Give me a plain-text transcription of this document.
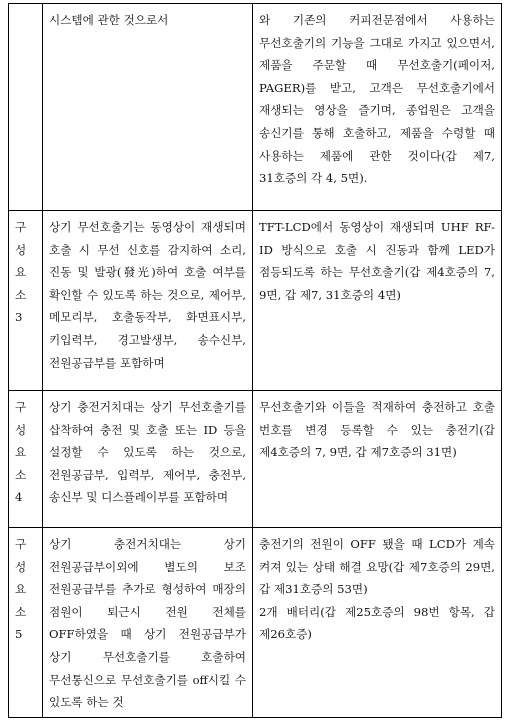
	시스템에 관한 것으로서	와 기존의 커피전문점에서 사용하는 무선호출기의 기능을 그대로 가지고 있으면서, 제품을 주문할 때 무선호출기(페이저, PAGER)를 받고, 고객은 무선호출기에서 재생되는 영상을 즐기며, 종업원은 고객을 송신기를 통해 호출하고, 제품을 수령할 때 사용하는 제품에 관한 것이다(갑 제7, 31호증의 각 4, 5면).

구성요소3	상기 무선호출기는 동영상이 재생되며 호출 시 무선 신호를 감지하여 소리, 진동 및 발광(發光)하여 호출 여부를 확인할 수 있도록 하는 것으로, 제어부, 메모리부, 호출동작부, 화면표시부, 키입력부, 경고발생부, 송수신부, 전원공급부를 포함하며	TFT-LCD에서 동영상이 재생되며 UHF RF-ID 방식으로 호출 시 진동과 함께 LED가 점등되도록 하는 무선호출기(갑 제4호증의 7, 9면, 갑 제7, 31호증의 4면)

구성요소4	상기 충전거치대는 상기 무선호출기를 삽착하여 충전 및 호출 또는 ID 등을 설정할 수 있도록 하는 것으로, 전원공급부, 입력부, 제어부, 충전부, 송신부 및 디스플레이부를 포함하며	무선호출기와 이들을 적재하여 충전하고 호출 번호를 변경 등록할 수 있는 충전기(갑 제4호증의 7, 9면, 갑 제7호증의 31면)

구성요소5	상기 충전거치대는 상기 전원공급부이외에 별도의 보조 전원공급부를 추가로 형성하여 매장의 점원이 퇴근시 전원 전체를 OFF하였을 때 상기 전원공급부가 상기 무선호출기를 호출하여 무선통신으로 무선호출기를 off시킬 수 있도록 하는 것	충전기의 전원이 OFF 됐을 때 LCD가 계속 켜져 있는 상태 해결 요망(갑 제7호증의 29면, 갑 제31호증의 53면)

2개 배터리(갑 제25호증의 98번 항목, 갑 제26호증)
